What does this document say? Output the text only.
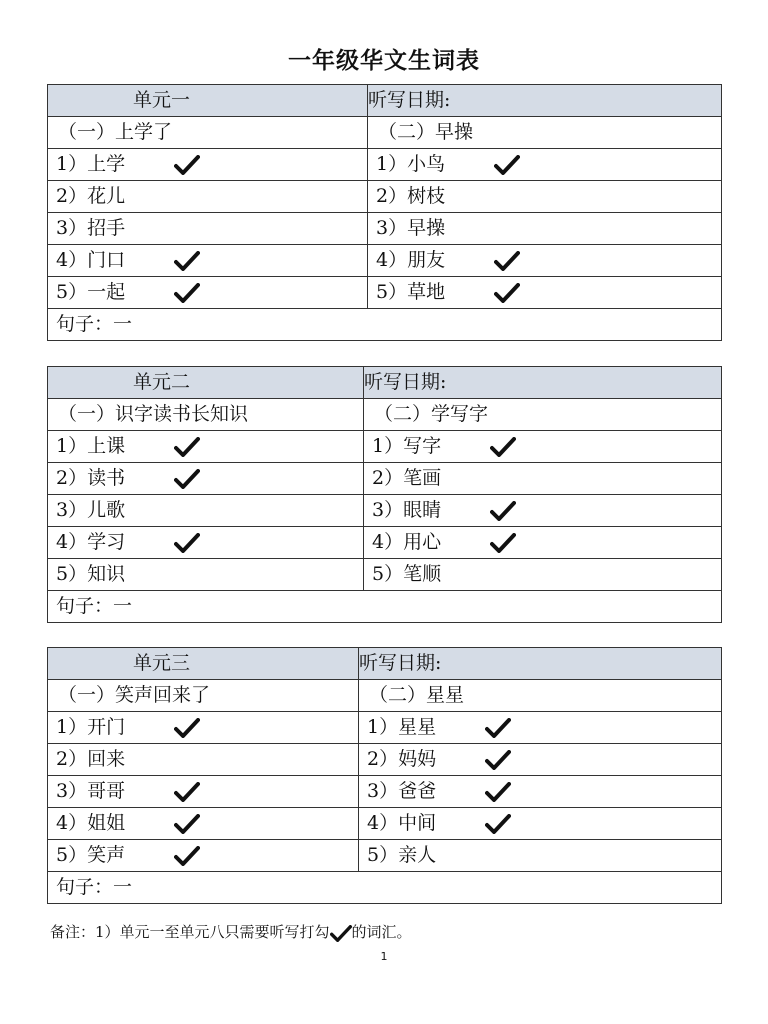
一年级华文生词表
单元一	听写日期:
（一）上学了	（二）早操
1）上学	1）小鸟

2）花儿	2）树枝
3）招手	3）早操
4）门口	4）朋友

5）一起	5）草地

句子：一	
单元二	听写日期:
（一）识字读书长知识	（二）学写字
1）上课	1）写字

2）读书	2）笔画
3）儿歌	3）眼睛

4）学习	4）用心

5）知识	5）笔顺
句子：一	
单元三	听写日期:
（一）笑声回来了	（二）星星
1）开门	1）星星

2）回来	2）妈妈

3）哥哥	3）爸爸

4）姐姐	4）中间

5）笑声	5）亲人
句子：一	
备注：1）单元一至单元八只需要听写打勾 的词汇。
1
